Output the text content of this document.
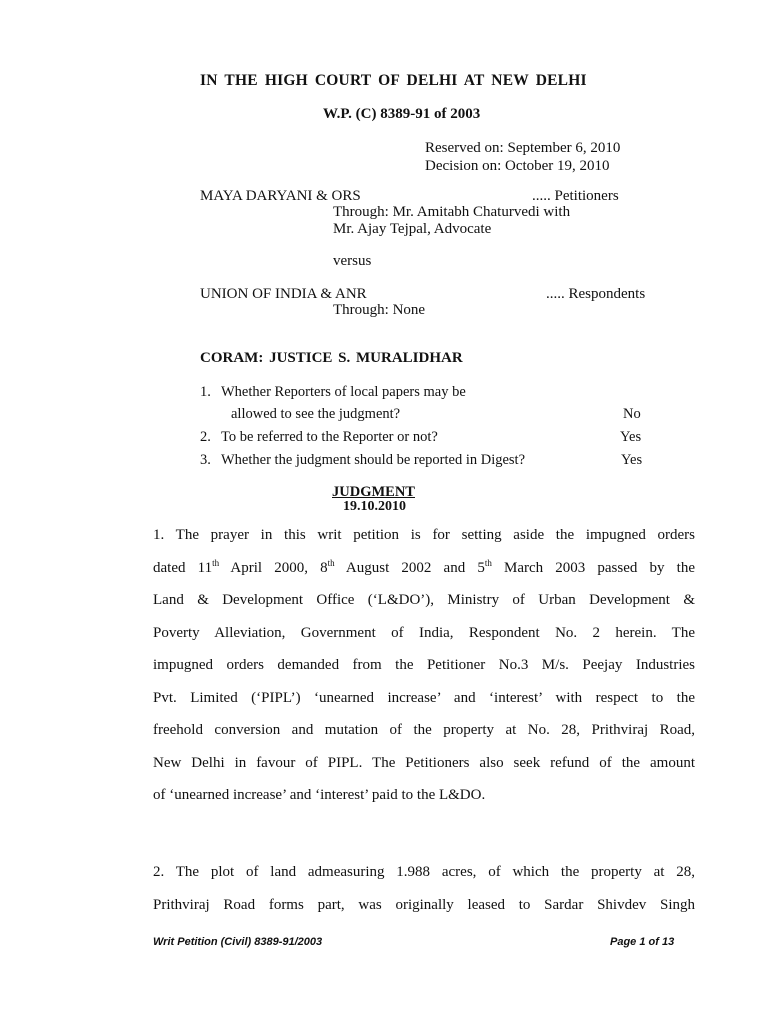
IN THE HIGH COURT OF DELHI AT NEW DELHI
W.P. (C) 8389-91 of 2003
Reserved on: September 6, 2010
Decision on: October 19, 2010
MAYA DARYANI & ORS	..... Petitioners
Through: Mr. Amitabh Chaturvedi with
Mr. Ajay Tejpal, Advocate
versus
UNION OF INDIA & ANR	..... Respondents
Through: None
CORAM: JUSTICE S. MURALIDHAR
1. Whether Reporters of local papers may be
allowed to see the judgment?	No
2. To be referred to the Reporter or not?	Yes
3. Whether the judgment should be reported in Digest?	Yes
JUDGMENT
19.10.2010
1. The prayer in this writ petition is for setting aside the impugned orders
dated 11th April 2000, 8th August 2002 and 5th March 2003 passed by the
Land & Development Office (‘L&DO’), Ministry of Urban Development &
Poverty Alleviation, Government of India, Respondent No. 2 herein. The
impugned orders demanded from the Petitioner No.3 M/s. Peejay Industries
Pvt. Limited (‘PIPL’) ‘unearned increase’ and ‘interest’ with respect to the
freehold conversion and mutation of the property at No. 28, Prithviraj Road,
New Delhi in favour of PIPL. The Petitioners also seek refund of the amount
of ‘unearned increase’ and ‘interest’ paid to the L&DO.
2. The plot of land admeasuring 1.988 acres, of which the property at 28,
Prithviraj Road forms part, was originally leased to Sardar Shivdev Singh
Writ Petition (Civil) 8389-91/2003	Page 1 of 13
